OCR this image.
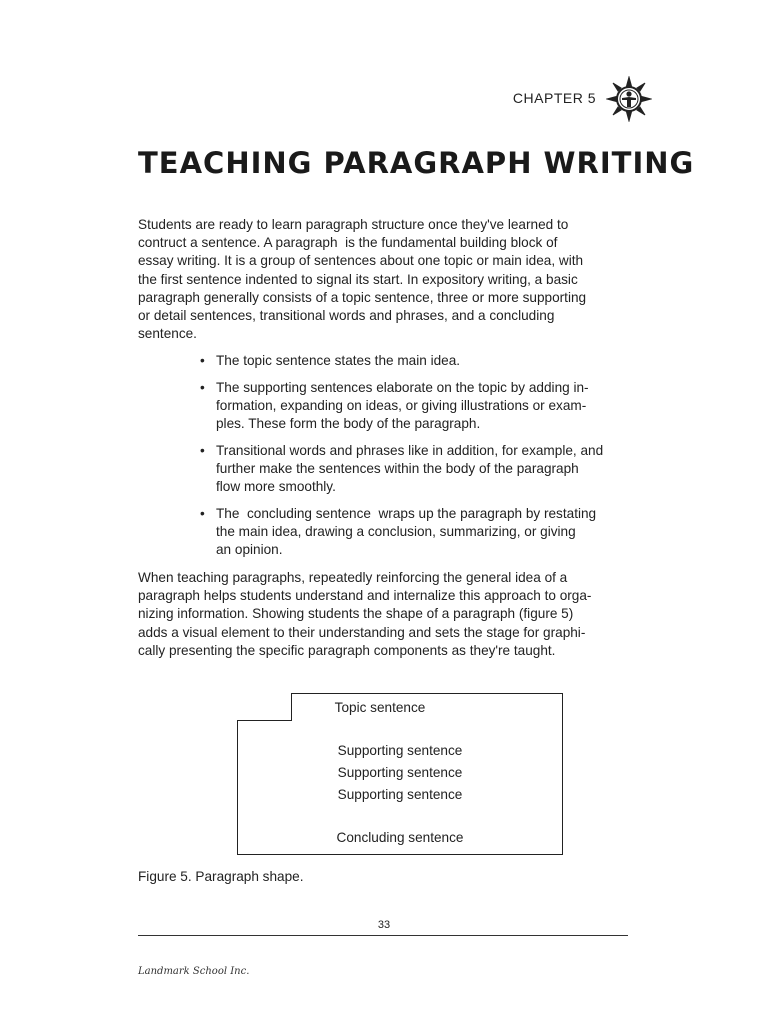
CHAPTER 5
TEACHING PARAGRAPH WRITING

Students are ready to learn paragraph structure once they've learned to
contruct a sentence. A paragraph  is the fundamental building block of
essay writing. It is a group of sentences about one topic or main idea, with
the first sentence indented to signal its start. In expository writing, a basic
paragraph generally consists of a topic sentence, three or more supporting
or detail sentences, transitional words and phrases, and a concluding
sentence.

• The topic sentence states the main idea.
• The supporting sentences elaborate on the topic by adding in-
formation, expanding on ideas, or giving illustrations or exam-
ples. These form the body of the paragraph.
• Transitional words and phrases like in addition, for example, and
further make the sentences within the body of the paragraph
flow more smoothly.
• The  concluding sentence  wraps up the paragraph by restating
the main idea, drawing a conclusion, summarizing, or giving
an opinion.

When teaching paragraphs, repeatedly reinforcing the general idea of a
paragraph helps students understand and internalize this approach to orga-
nizing information. Showing students the shape of a paragraph (figure 5)
adds a visual element to their understanding and sets the stage for graphi-
cally presenting the specific paragraph components as they're taught.

Topic sentence
Supporting sentence
Supporting sentence
Supporting sentence
Concluding sentence
Figure 5. Paragraph shape.
33
Landmark School Inc.
